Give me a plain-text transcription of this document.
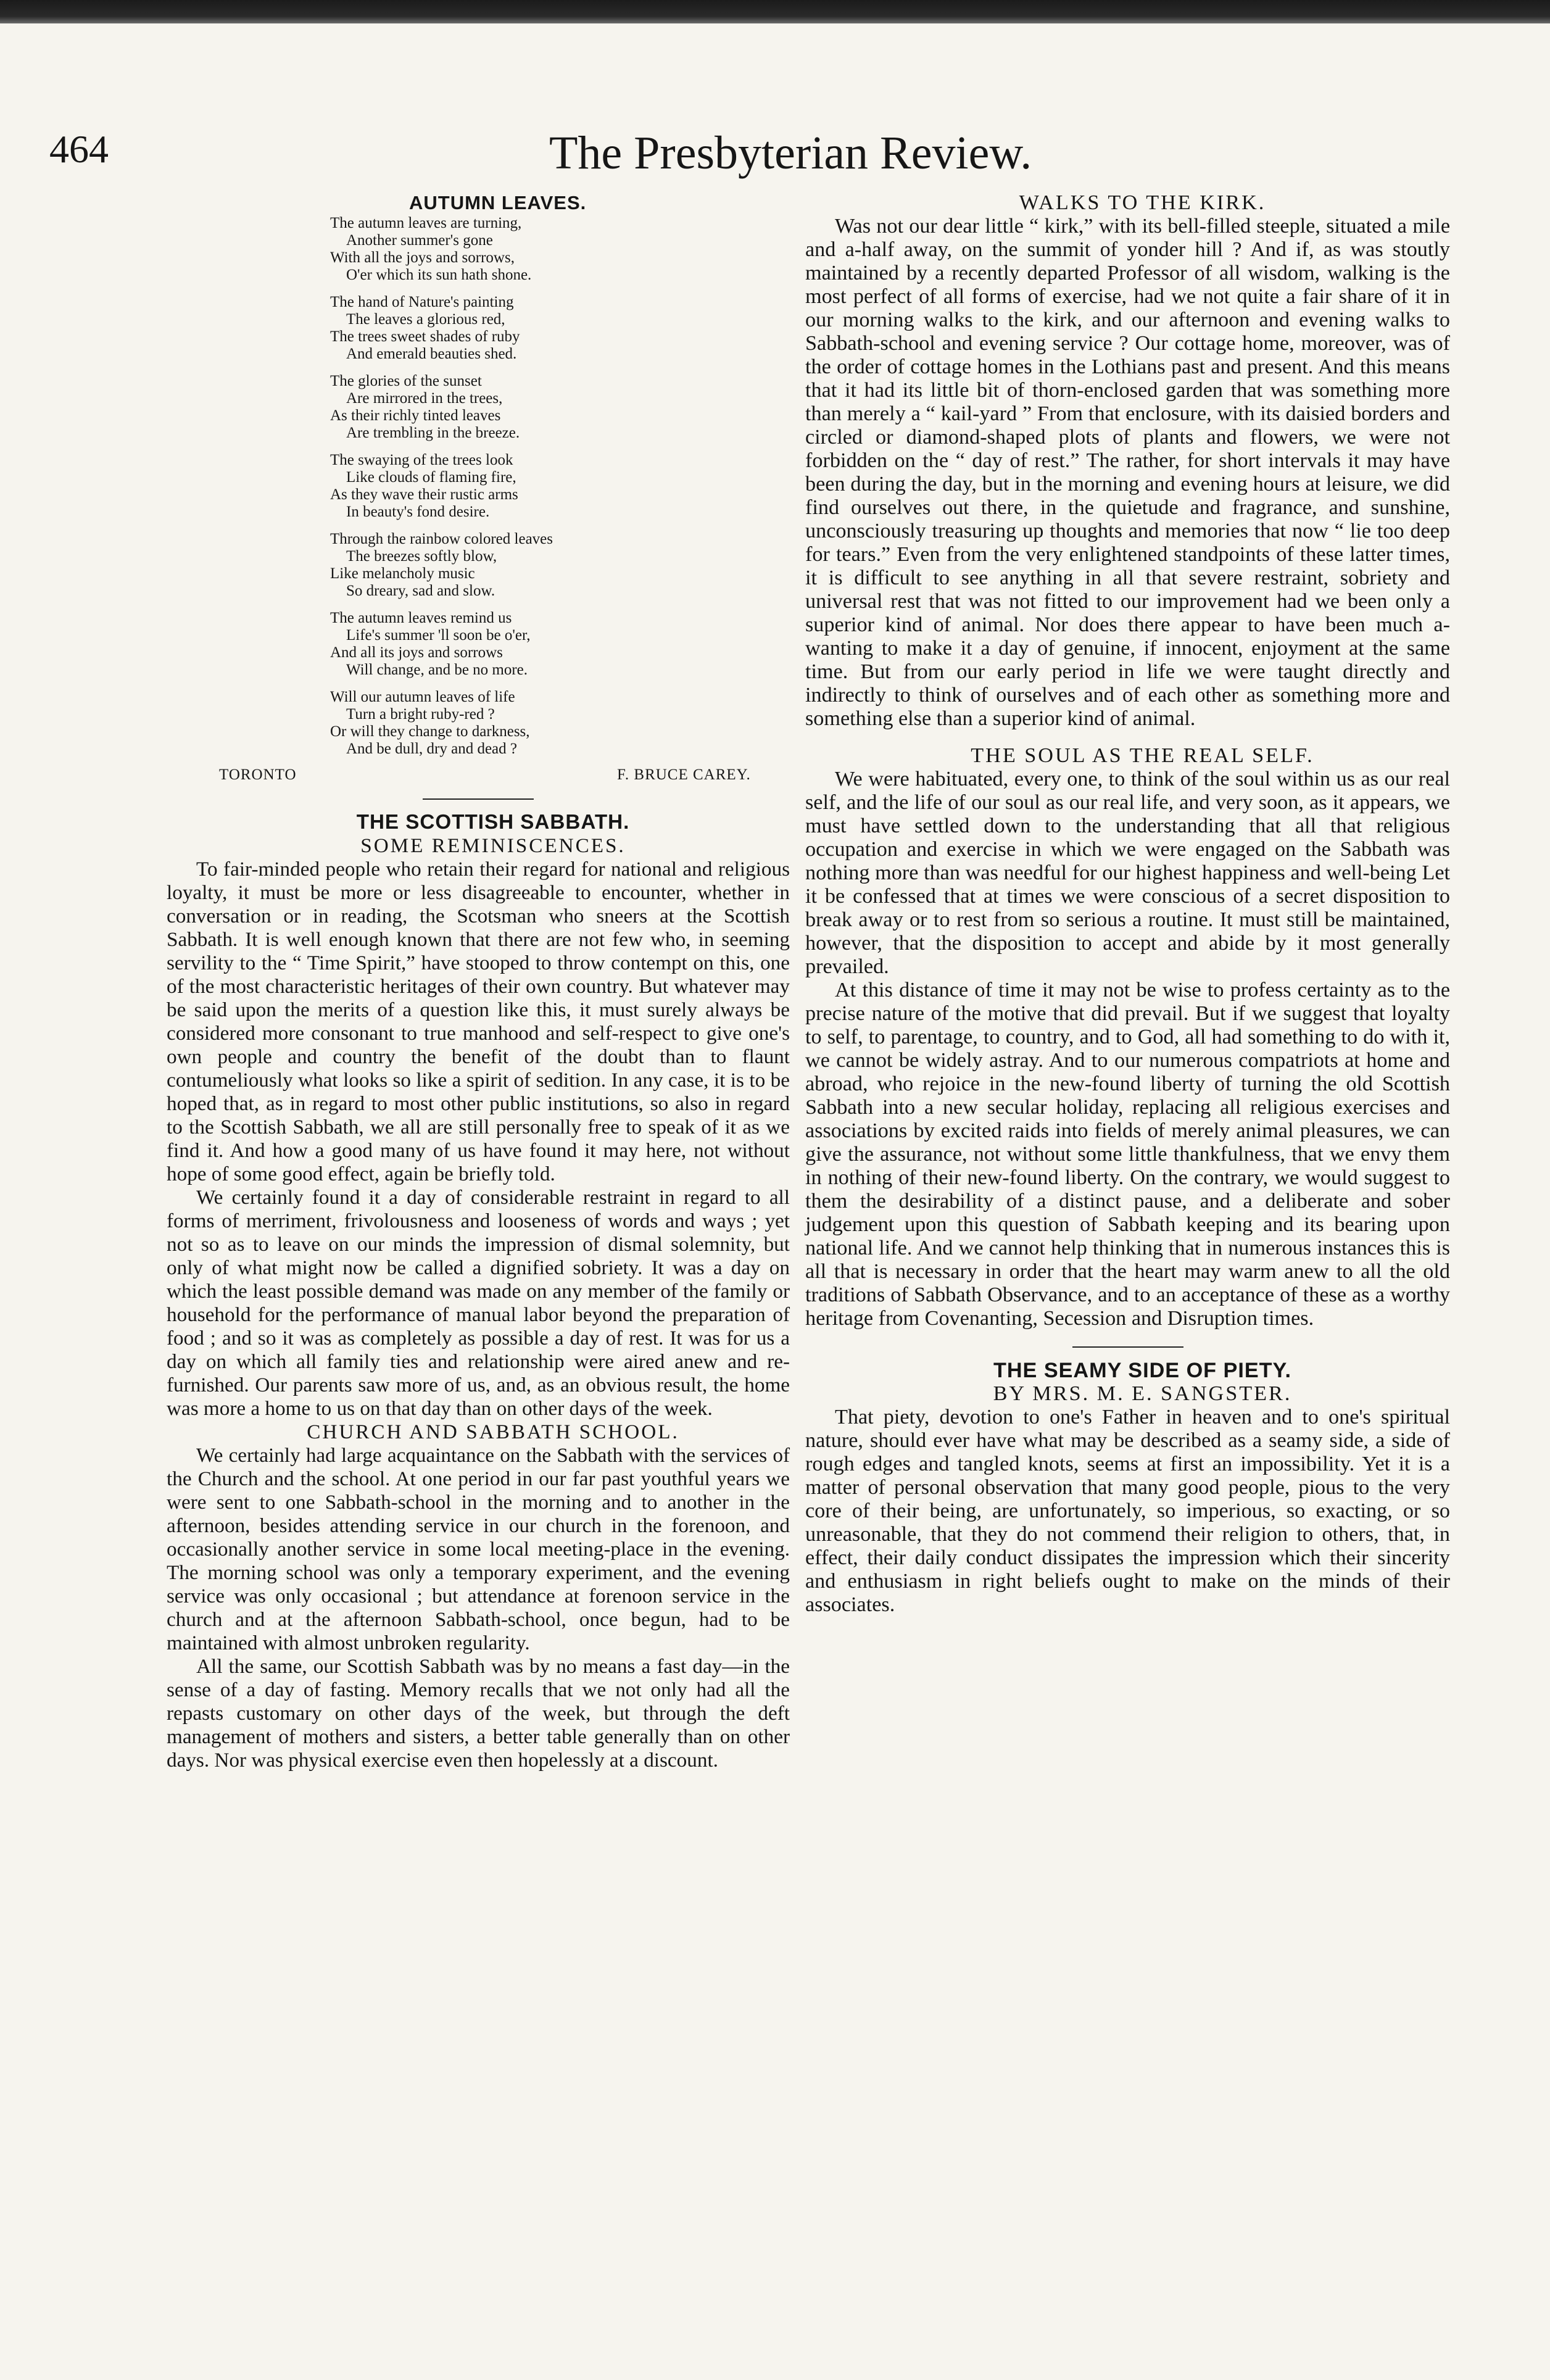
464	The Presbyterian Review.

AUTUMN LEAVES.

The autumn leaves are turning,
Another summer's gone
With all the joys and sorrows,
O'er which its sun hath shone.
The hand of Nature's painting
The leaves a glorious red,
The trees sweet shades of ruby
And emerald beauties shed.
The glories of the sunset
Are mirrored in the trees,
As their richly tinted leaves
Are trembling in the breeze.
The swaying of the trees look
Like clouds of flaming fire,
As they wave their rustic arms
In beauty's fond desire.
Through the rainbow colored leaves
The breezes softly blow,
Like melancholy music
So dreary, sad and slow.
The autumn leaves remind us
Life's summer 'll soon be o'er,
And all its joys and sorrows
Will change, and be no more.
Will our autumn leaves of life
Turn a bright ruby-red ?
Or will they change to darkness,
And be dull, dry and dead ?
TORONTO	F. BRUCE CAREY.

THE SCOTTISH SABBATH.

SOME REMINISCENCES.

To fair-minded people who retain their regard for national and religious loyalty, it must be more or less disagreeable to encounter, whether in conversation or in reading, the Scotsman who sneers at the Scottish Sabbath. It is well enough known that there are not few who, in seeming servility to the “ Time Spirit,” have stooped to throw contempt on this, one of the most characteristic heritages of their own country. But whatever may be said upon the merits of a question like this, it must surely always be considered more consonant to true manhood and self-respect to give one's own people and country the benefit of the doubt than to flaunt contumeliously what looks so like a spirit of sedition. In any case, it is to be hoped that, as in regard to most other public institutions, so also in regard to the Scottish Sabbath, we all are still personally free to speak of it as we find it. And how a good many of us have found it may here, not without hope of some good effect, again be briefly told.

We certainly found it a day of considerable restraint in regard to all forms of merriment, frivolousness and looseness of words and ways ; yet not so as to leave on our minds the impression of dismal solemnity, but only of what might now be called a dignified sobriety. It was a day on which the least possible demand was made on any member of the family or household for the performance of manual labor beyond the preparation of food ; and so it was as completely as possible a day of rest. It was for us a day on which all family ties and relationship were aired anew and re-furnished. Our parents saw more of us, and, as an obvious result, the home was more a home to us on that day than on other days of the week.

CHURCH AND SABBATH SCHOOL.

We certainly had large acquaintance on the Sabbath with the services of the Church and the school. At one period in our far past youthful years we were sent to one Sabbath-school in the morning and to another in the afternoon, besides attending service in our church in the forenoon, and occasionally another service in some local meeting-place in the evening. The morning school was only a temporary experiment, and the evening service was only occasional ; but attendance at forenoon service in the church and at the afternoon Sabbath-school, once begun, had to be maintained with almost unbroken regularity.

All the same, our Scottish Sabbath was by no means a fast day—in the sense of a day of fasting. Memory recalls that we not only had all the repasts customary on other days of the week, but through the deft management of mothers and sisters, a better table generally than on other days. Nor was physical exercise even then hopelessly at a discount.

WALKS TO THE KIRK.

Was not our dear little “ kirk,” with its bell-filled steeple, situated a mile and a-half away, on the summit of yonder hill ? And if, as was stoutly maintained by a recently departed Professor of all wisdom, walking is the most perfect of all forms of exercise, had we not quite a fair share of it in our morning walks to the kirk, and our afternoon and evening walks to Sabbath-school and evening service ? Our cottage home, moreover, was of the order of cottage homes in the Lothians past and present. And this means that it had its little bit of thorn-enclosed garden that was something more than merely a “ kail-yard ” From that enclosure, with its daisied borders and circled or diamond-shaped plots of plants and flowers, we were not forbidden on the “ day of rest.” The rather, for short intervals it may have been during the day, but in the morning and evening hours at leisure, we did find ourselves out there, in the quietude and fragrance, and sunshine, unconsciously treasuring up thoughts and memories that now “ lie too deep for tears.” Even from the very enlightened standpoints of these latter times, it is difficult to see anything in all that severe restraint, sobriety and universal rest that was not fitted to our improvement had we been only a superior kind of animal. Nor does there appear to have been much a-wanting to make it a day of genuine, if innocent, enjoyment at the same time. But from our early period in life we were taught directly and indirectly to think of ourselves and of each other as something more and something else than a superior kind of animal.

THE SOUL AS THE REAL SELF.

We were habituated, every one, to think of the soul within us as our real self, and the life of our soul as our real life, and very soon, as it appears, we must have settled down to the understanding that all that religious occupation and exercise in which we were engaged on the Sabbath was nothing more than was needful for our highest happiness and well-being Let it be confessed that at times we were conscious of a secret disposition to break away or to rest from so serious a routine. It must still be maintained, however, that the disposition to accept and abide by it most generally prevailed.

At this distance of time it may not be wise to profess certainty as to the precise nature of the motive that did prevail. But if we suggest that loyalty to self, to parentage, to country, and to God, all had something to do with it, we cannot be widely astray. And to our numerous compatriots at home and abroad, who rejoice in the new-found liberty of turning the old Scottish Sabbath into a new secular holiday, replacing all religious exercises and associations by excited raids into fields of merely animal pleasures, we can give the assurance, not without some little thankfulness, that we envy them in nothing of their new-found liberty. On the contrary, we would suggest to them the desirability of a distinct pause, and a deliberate and sober judgement upon this question of Sabbath keeping and its bearing upon national life. And we cannot help thinking that in numerous instances this is all that is necessary in order that the heart may warm anew to all the old traditions of Sabbath Observance, and to an acceptance of these as a worthy heritage from Covenanting, Secession and Disruption times.

THE SEAMY SIDE OF PIETY.

BY MRS. M. E. SANGSTER.

That piety, devotion to one's Father in heaven and to one's spiritual nature, should ever have what may be described as a seamy side, a side of rough edges and tangled knots, seems at first an impossibility. Yet it is a matter of personal observation that many good people, pious to the very core of their being, are unfortunately, so imperious, so exacting, or so unreasonable, that they do not commend their religion to others, that, in effect, their daily conduct dissipates the impression which their sincerity and enthusiasm in right beliefs ought to make on the minds of their associates.
